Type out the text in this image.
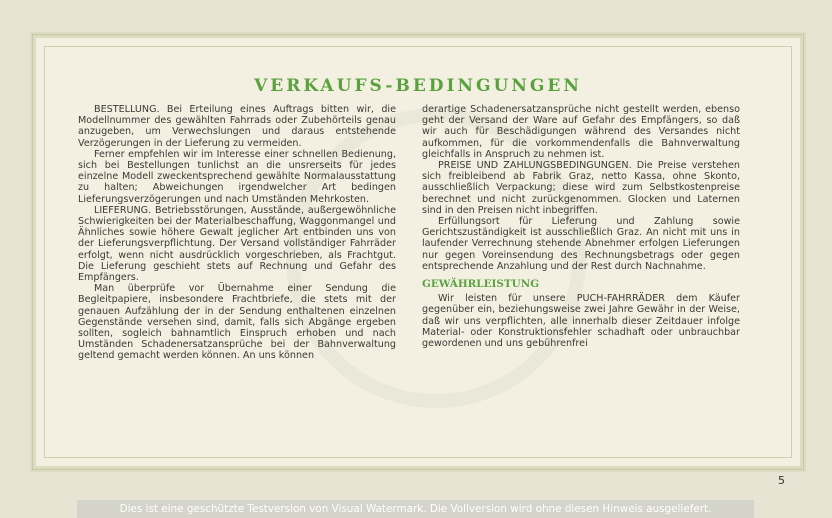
VERKAUFS-BEDINGUNGEN

BESTELLUNG. Bei Erteilung eines Auftrags bitten wir, die Modellnummer des gewählten Fahrrads oder Zubehörteils genau anzugeben, um Verwechslungen und daraus entstehende Verzögerungen in der Lieferung zu vermeiden.

Ferner empfehlen wir im Interesse einer schnellen Bedienung, sich bei Bestellungen tunlichst an die unsrerseits für jedes einzelne Modell zweckentsprechend gewählte Normalausstattung zu halten; Abweichungen irgendwelcher Art bedingen Lieferungsverzögerungen und nach Umständen Mehrkosten.

LIEFERUNG. Betriebsstörungen, Ausstände, außergewöhnliche Schwierigkeiten bei der Materialbeschaffung, Waggonmangel und Ähnliches sowie höhere Gewalt jeglicher Art entbinden uns von der Lieferungsverpflichtung. Der Versand vollständiger Fahrräder erfolgt, wenn nicht ausdrücklich vorgeschrieben, als Frachtgut. Die Lieferung geschieht stets auf Rechnung und Gefahr des Empfängers.

Man überprüfe vor Übernahme einer Sendung die Begleitpapiere, insbesondere Frachtbriefe, die stets mit der genauen Aufzählung der in der Sendung enthaltenen einzelnen Gegenstände versehen sind, damit, falls sich Abgänge ergeben sollten, sogleich bahnamtlich Einspruch erhoben und nach Umständen Schadenersatzansprüche bei der Bahnverwaltung geltend gemacht werden können. An uns können

derartige Schadenersatzansprüche nicht gestellt werden, ebenso geht der Versand der Ware auf Gefahr des Empfängers, so daß wir auch für Beschädigungen während des Versandes nicht aufkommen, für die vorkommendenfalls die Bahnverwaltung gleichfalls in Anspruch zu nehmen ist.

PREISE UND ZAHLUNGSBEDINGUNGEN. Die Preise verstehen sich freibleibend ab Fabrik Graz, netto Kassa, ohne Skonto, ausschließlich Verpackung; diese wird zum Selbstkostenpreise berechnet und nicht zurückgenommen. Glocken und Laternen sind in den Preisen nicht inbegriffen.

Erfüllungsort für Lieferung und Zahlung sowie Gerichtszuständigkeit ist ausschließlich Graz. An nicht mit uns in laufender Verrechnung stehende Abnehmer erfolgen Lieferungen nur gegen Voreinsendung des Rechnungsbetrags oder gegen entsprechende Anzahlung und der Rest durch Nachnahme.

GEWÄHRLEISTUNG

Wir leisten für unsere PUCH-FAHRRÄDER dem Käufer gegenüber ein, beziehungsweise zwei Jahre Gewähr in der Weise, daß wir uns verpflichten, alle innerhalb dieser Zeitdauer infolge Material- oder Konstruktionsfehler schadhaft oder unbrauchbar gewordenen und uns gebührenfrei

5
Dies ist eine geschützte Testversion von Visual Watermark. Die Vollversion wird ohne diesen Hinweis ausgeliefert.
